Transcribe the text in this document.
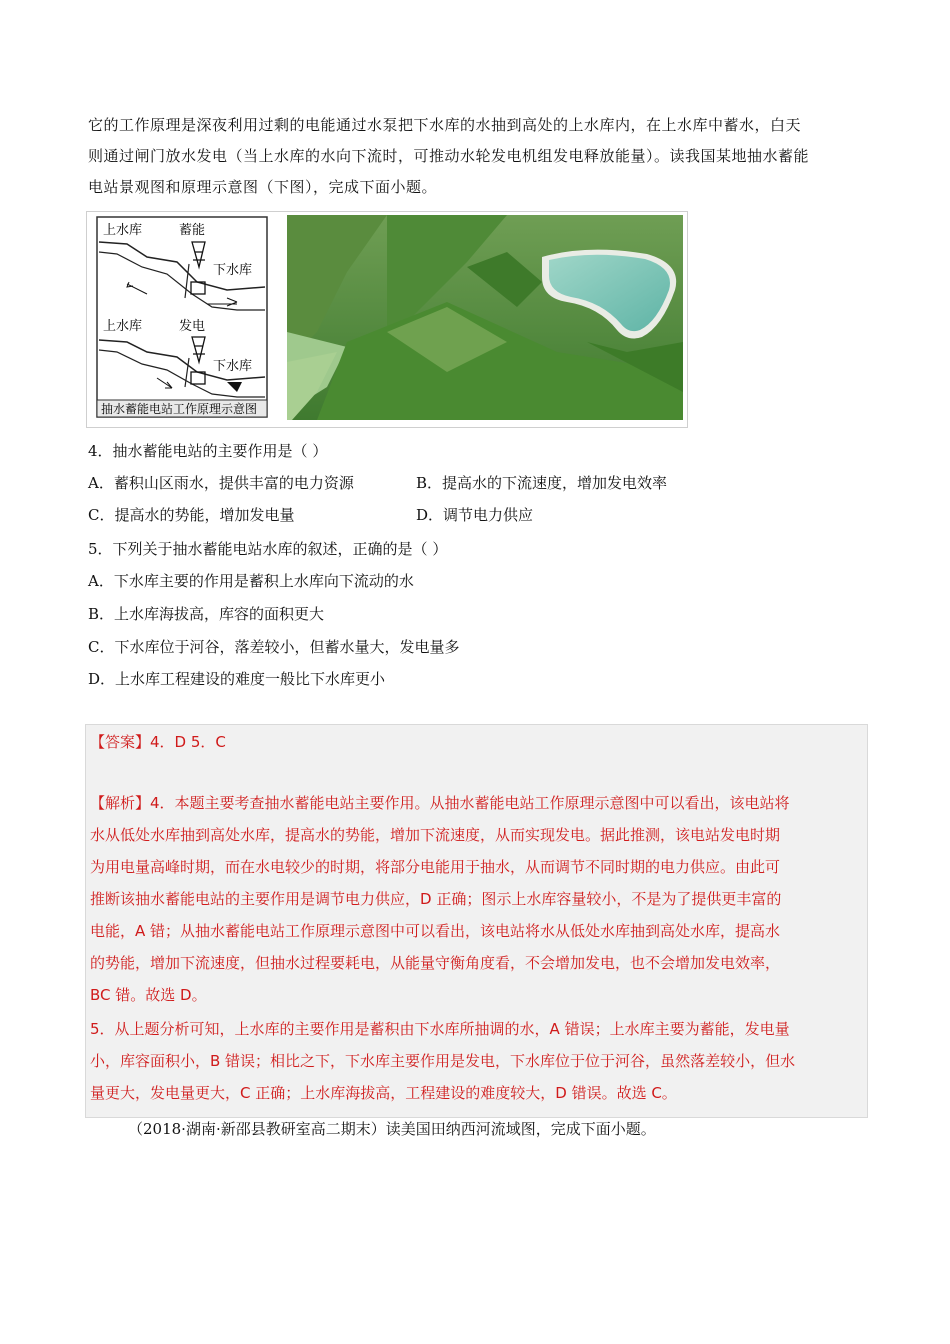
它的工作原理是深夜利用过剩的电能通过水泵把下水库的水抽到高处的上水库内，在上水库中蓄水，白天
则通过闸门放水发电（当上水库的水向下流时，可推动水轮发电机组发电释放能量）。读我国某地抽水蓄能
电站景观图和原理示意图（下图），完成下面小题。
上水库	蓄能
下水库
上水库	发电
下水库
抽水蓄能电站工作原理示意图
4．抽水蓄能电站的主要作用是（ ）
A．蓄积山区雨水，提供丰富的电力资源	B．提高水的下流速度，增加发电效率
C．提高水的势能，增加发电量	D．调节电力供应
5．下列关于抽水蓄能电站水库的叙述，正确的是（ ）
A．下水库主要的作用是蓄积上水库向下流动的水
B．上水库海拔高，库容的面积更大
C．下水库位于河谷，落差较小，但蓄水量大，发电量多
D．上水库工程建设的难度一般比下水库更小
【答案】4．D 5．C
【解析】4．本题主要考查抽水蓄能电站主要作用。从抽水蓄能电站工作原理示意图中可以看出，该电站将
水从低处水库抽到高处水库，提高水的势能，增加下流速度，从而实现发电。据此推测，该电站发电时期
为用电量高峰时期，而在水电较少的时期，将部分电能用于抽水，从而调节不同时期的电力供应。由此可
推断该抽水蓄能电站的主要作用是调节电力供应，D 正确；图示上水库容量较小，不是为了提供更丰富的
电能，A 错；从抽水蓄能电站工作原理示意图中可以看出，该电站将水从低处水库抽到高处水库，提高水
的势能，增加下流速度，但抽水过程要耗电，从能量守衡角度看，不会增加发电，也不会增加发电效率，
BC 错。故选 D。
5．从上题分析可知，上水库的主要作用是蓄积由下水库所抽调的水，A 错误；上水库主要为蓄能，发电量
小，库容面积小，B 错误；相比之下，下水库主要作用是发电，下水库位于位于河谷，虽然落差较小，但水
量更大，发电量更大，C 正确；上水库海拔高，工程建设的难度较大，D 错误。故选 C。
（2018·湖南·新邵县教研室高二期末）读美国田纳西河流域图，完成下面小题。
